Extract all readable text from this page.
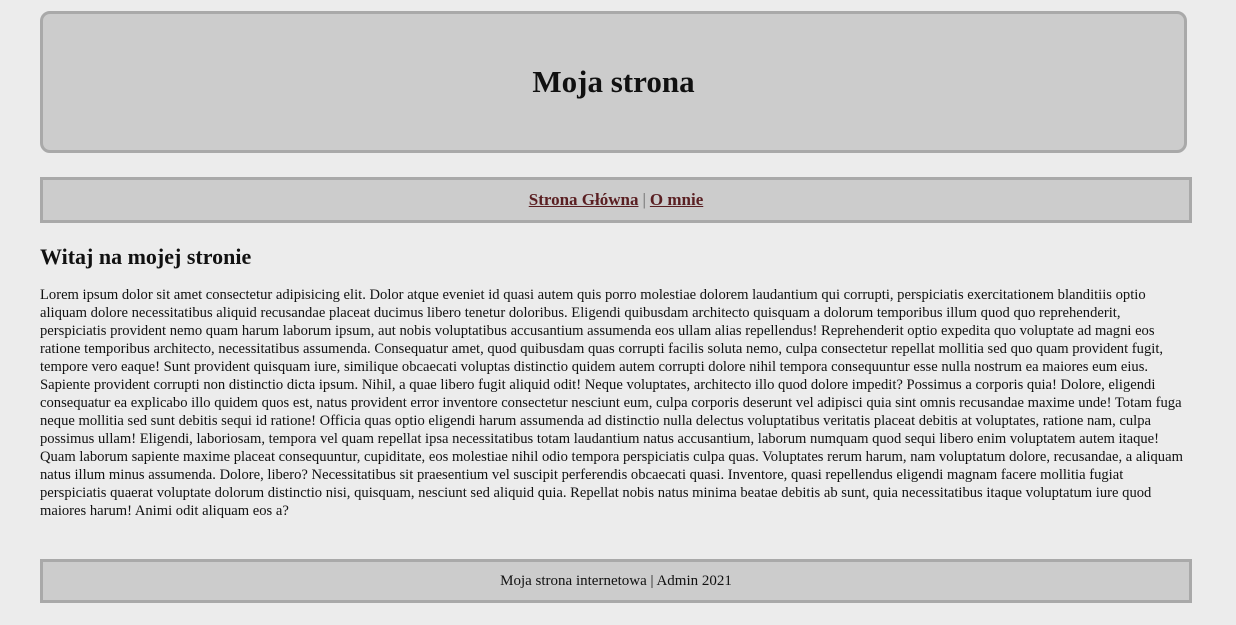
Moja strona
Strona Główna | O mnie
Witaj na mojej stronie

Lorem ipsum dolor sit amet consectetur adipisicing elit. Dolor atque eveniet id quasi autem quis porro molestiae dolorem laudantium qui corrupti, perspiciatis exercitationem blanditiis optio aliquam dolore necessitatibus aliquid recusandae placeat ducimus libero tenetur doloribus. Eligendi quibusdam architecto quisquam a dolorum temporibus illum quod quo reprehenderit, perspiciatis provident nemo quam harum laborum ipsum, aut nobis voluptatibus accusantium assumenda eos ullam alias repellendus! Reprehenderit optio expedita quo voluptate ad magni eos ratione temporibus architecto, necessitatibus assumenda. Consequatur amet, quod quibusdam quas corrupti facilis soluta nemo, culpa consectetur repellat mollitia sed quo quam provident fugit, tempore vero eaque! Sunt provident quisquam iure, similique obcaecati voluptas distinctio quidem autem corrupti dolore nihil tempora consequuntur esse nulla nostrum ea maiores eum eius. Sapiente provident corrupti non distinctio dicta ipsum. Nihil, a quae libero fugit aliquid odit! Neque voluptates, architecto illo quod dolore impedit? Possimus a corporis quia! Dolore, eligendi consequatur ea explicabo illo quidem quos est, natus provident error inventore consectetur nesciunt eum, culpa corporis deserunt vel adipisci quia sint omnis recusandae maxime unde! Totam fuga neque mollitia sed sunt debitis sequi id ratione! Officia quas optio eligendi harum assumenda ad distinctio nulla delectus voluptatibus veritatis placeat debitis at voluptates, ratione nam, culpa possimus ullam! Eligendi, laboriosam, tempora vel quam repellat ipsa necessitatibus totam laudantium natus accusantium, laborum numquam quod sequi libero enim voluptatem autem itaque! Quam laborum sapiente maxime placeat consequuntur, cupiditate, eos molestiae nihil odio tempora perspiciatis culpa quas. Voluptates rerum harum, nam voluptatum dolore, recusandae, a aliquam natus illum minus assumenda. Dolore, libero? Necessitatibus sit praesentium vel suscipit perferendis obcaecati quasi. Inventore, quasi repellendus eligendi magnam facere mollitia fugiat perspiciatis quaerat voluptate dolorum distinctio nisi, quisquam, nesciunt sed aliquid quia. Repellat nobis natus minima beatae debitis ab sunt, quia necessitatibus itaque voluptatum iure quod maiores harum! Animi odit aliquam eos a?

Moja strona internetowa | Admin 2021
